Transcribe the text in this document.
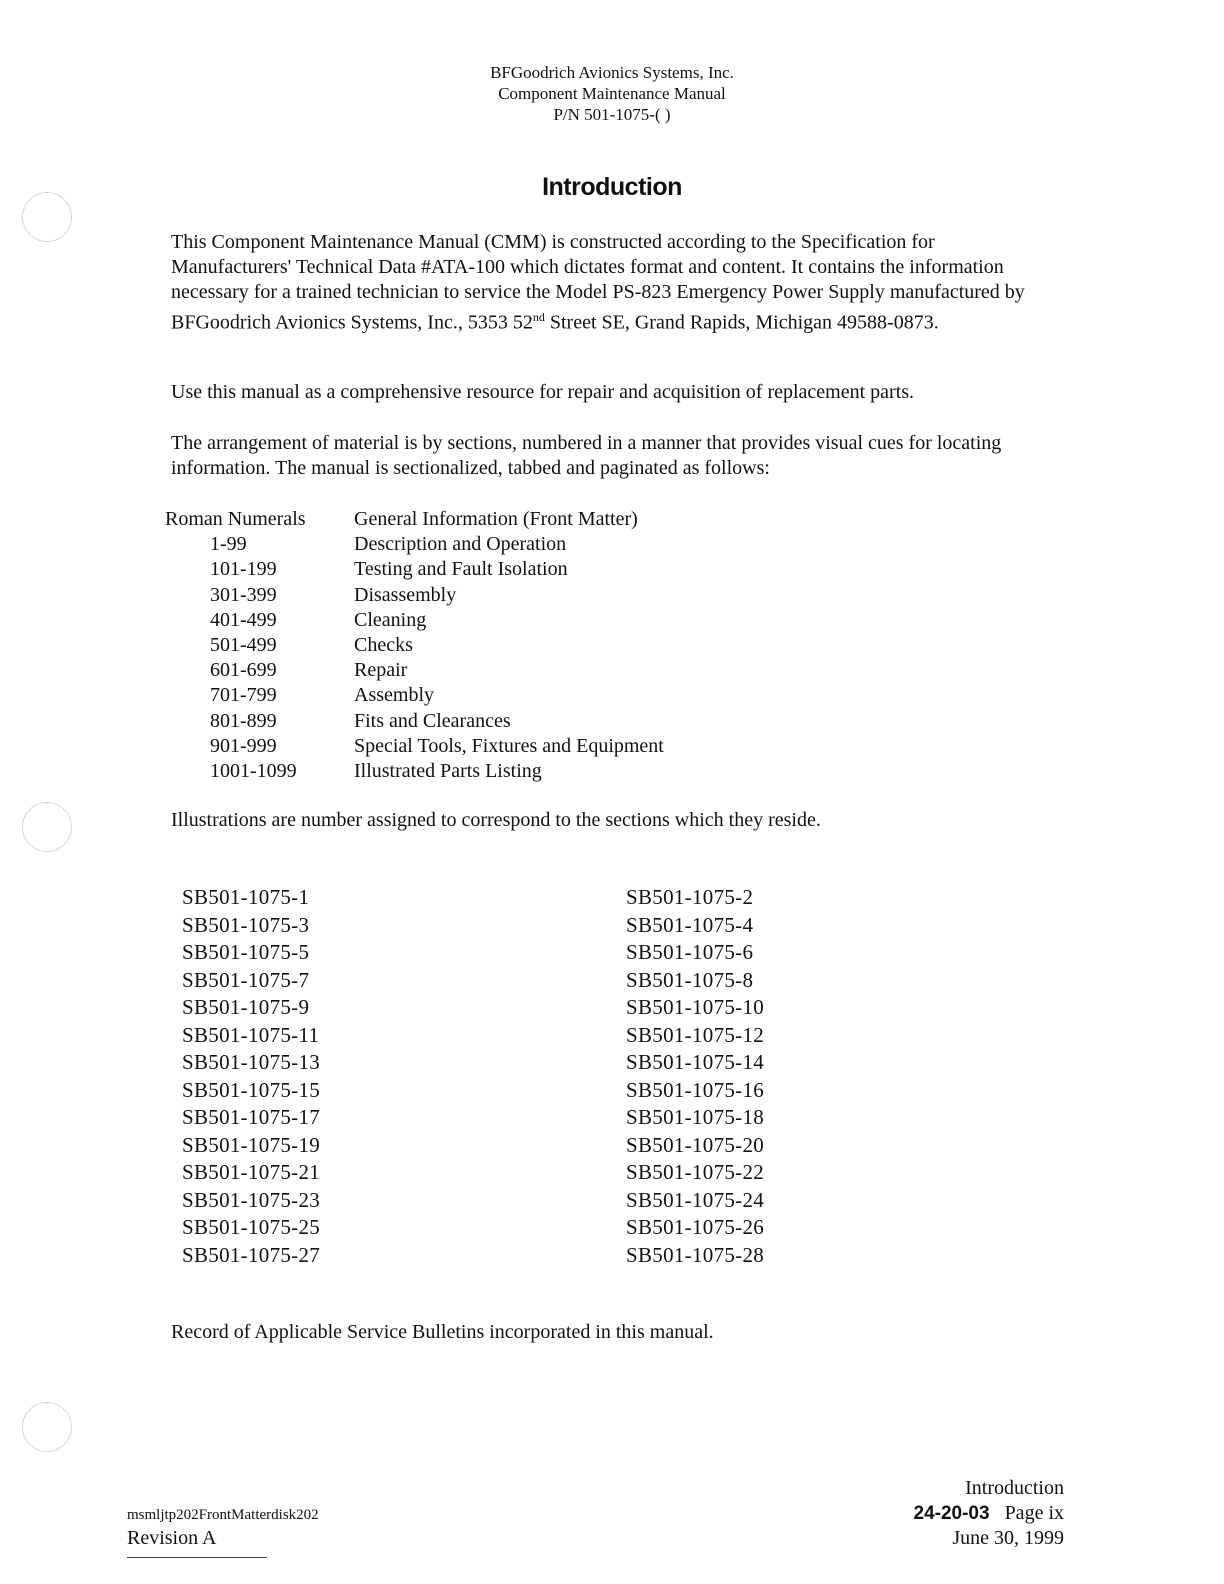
BFGoodrich Avionics Systems, Inc.
Component Maintenance Manual
P/N 501-1075-( )
Introduction
This Component Maintenance Manual (CMM) is constructed according to the Specification for Manufacturers' Technical Data #ATA-100 which dictates format and content. It contains the information necessary for a trained technician to service the Model PS-823 Emergency Power Supply manufactured by BFGoodrich Avionics Systems, Inc., 5353 52nd Street SE, Grand Rapids, Michigan 49588-0873.
Use this manual as a comprehensive resource for repair and acquisition of replacement parts.
The arrangement of material is by sections, numbered in a manner that provides visual cues for locating information. The manual is sectionalized, tabbed and paginated as follows:
Roman Numerals	General Information (Front Matter)
1-99	Description and Operation
101-199	Testing and Fault Isolation
301-399	Disassembly
401-499	Cleaning
501-499	Checks
601-699	Repair
701-799	Assembly
801-899	Fits and Clearances
901-999	Special Tools, Fixtures and Equipment
1001-1099	Illustrated Parts Listing
Illustrations are number assigned to correspond to the sections which they reside.
SB501-1075-1	SB501-1075-2
SB501-1075-3	SB501-1075-4
SB501-1075-5	SB501-1075-6
SB501-1075-7	SB501-1075-8
SB501-1075-9	SB501-1075-10
SB501-1075-11	SB501-1075-12
SB501-1075-13	SB501-1075-14
SB501-1075-15	SB501-1075-16
SB501-1075-17	SB501-1075-18
SB501-1075-19	SB501-1075-20
SB501-1075-21	SB501-1075-22
SB501-1075-23	SB501-1075-24
SB501-1075-25	SB501-1075-26
SB501-1075-27	SB501-1075-28
Record of Applicable Service Bulletins incorporated in this manual.
msmljtp202FrontMatterdisk202
Revision A
Introduction
24-20-03 Page ix
June 30, 1999
